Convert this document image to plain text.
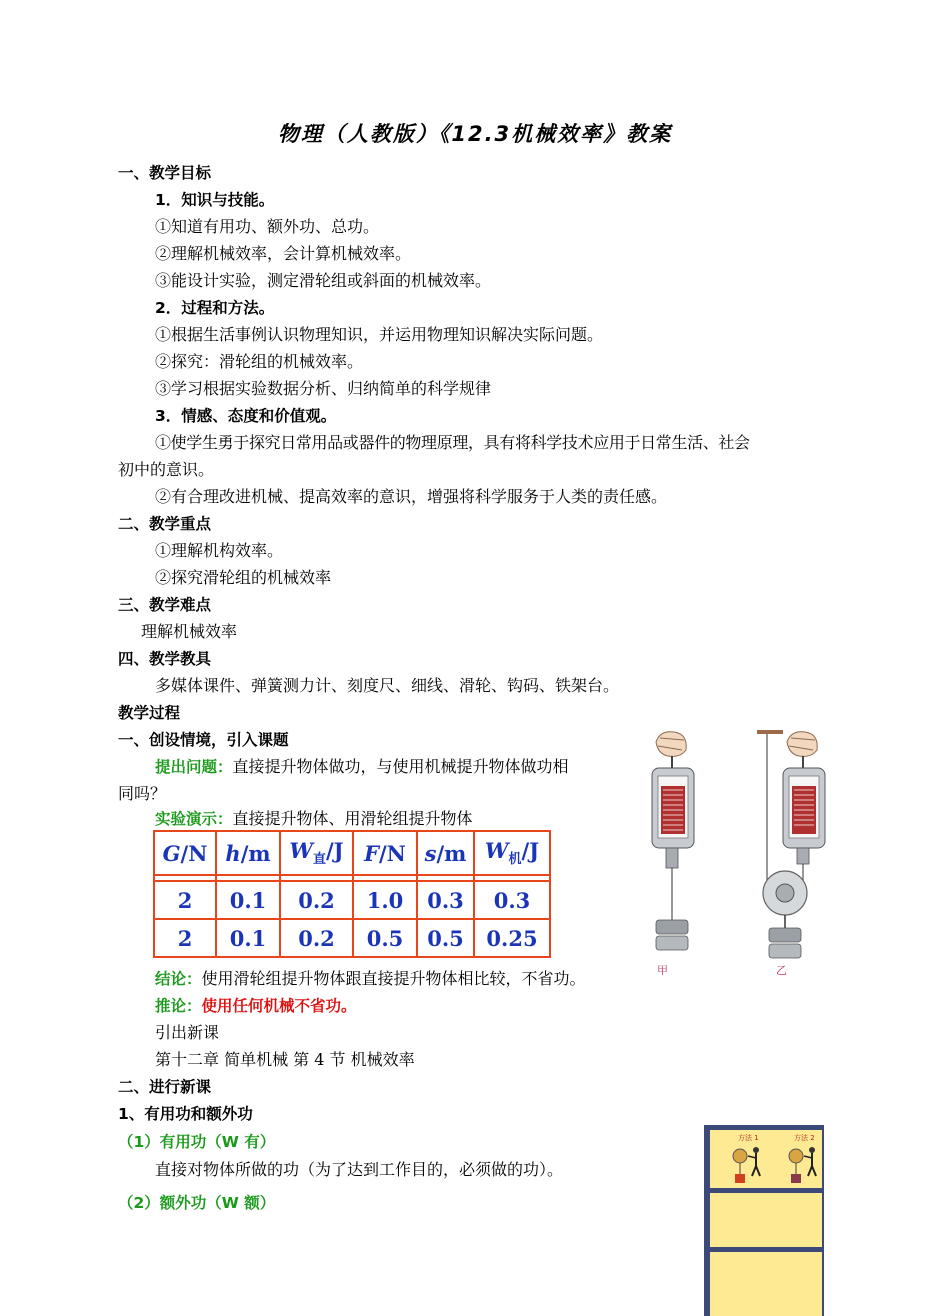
物理（人教版）《12.3机械效率》教案
一、教学目标
1．知识与技能。
①知道有用功、额外功、总功。
②理解机械效率，会计算机械效率。
③能设计实验，测定滑轮组或斜面的机械效率。
2．过程和方法。
①根据生活事例认识物理知识，并运用物理知识解决实际问题。
②探究：滑轮组的机械效率。
③学习根据实验数据分析、归纳简单的科学规律
3．情感、态度和价值观。
①使学生勇于探究日常用品或器件的物理原理，具有将科学技术应用于日常生活、社会
初中的意识。
②有合理改进机械、提高效率的意识，增强将科学服务于人类的责任感。
二、教学重点
①理解机构效率。
②探究滑轮组的机械效率
三、教学难点
理解机械效率
四、教学教具
多媒体课件、弹簧测力计、刻度尺、细线、滑轮、钩码、铁架台。
教学过程
一、创设情境，引入课题
提出问题：直接提升物体做功，与使用机械提升物体做功相
同吗？
实验演示：直接提升物体、用滑轮组提升物体
G/N	h/m	$W_直/J$	F/N	s/m	$W_机/J$

2	0.1	0.2	1.0	0.3	0.3
2	0.1	0.2	0.5	0.5	0.25
结论：使用滑轮组提升物体跟直接提升物体相比较，不省功。
推论：使用任何机械不省功。
引出新课
第十二章 简单机械 第 4 节 机械效率
二、进行新课
1、有用功和额外功
（1）有用功（W 有）
直接对物体所做的功（为了达到工作目的，必须做的功）。
（2）额外功（W 额）
甲	乙
方法 1	方法 2
